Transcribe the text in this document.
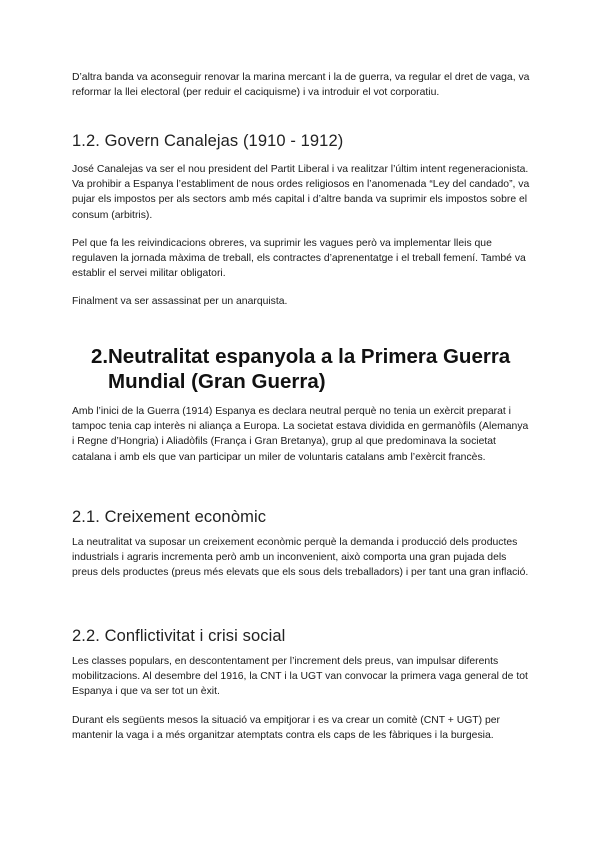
D’altra banda va aconseguir renovar la marina mercant i la de guerra, va regular el dret de vaga, va reformar la llei electoral (per reduir el caciquisme) i va introduir el vot corporatiu.

1.2. Govern Canalejas (1910 - 1912)

José Canalejas va ser el nou president del Partit Liberal i va realitzar l’últim intent regeneracionista. Va prohibir a Espanya l’establiment de nous ordes religiosos en l’anomenada “Ley del candado”, va pujar els impostos per als sectors amb més capital i d’altre banda va suprimir els impostos sobre el consum (arbitris).

Pel que fa les reivindicacions obreres, va suprimir les vagues però va implementar lleis que regulaven la jornada màxima de treball, els contractes d’aprenentatge i el treball femení. També va establir el servei militar obligatori.

Finalment va ser assassinat per un anarquista.

2.Neutralitat espanyola a la Primera Guerra
Mundial (Gran Guerra)

Amb l’inici de la Guerra (1914) Espanya es declara neutral perquè no tenia un exèrcit preparat i tampoc tenia cap interès ni aliança a Europa. La societat estava dividida en germanòfils (Alemanya i Regne d’Hongria) i Aliadòfils (França i Gran Bretanya), grup al que predominava la societat catalana i amb els que van participar un miler de voluntaris catalans amb l’exèrcit francès.

2.1. Creixement econòmic

La neutralitat va suposar un creixement econòmic perquè la demanda i producció dels productes industrials i agraris incrementa però amb un inconvenient, això comporta una gran pujada dels preus dels productes (preus més elevats que els sous dels treballadors) i per tant una gran inflació.

2.2. Conflictivitat i crisi social

Les classes populars, en descontentament per l’increment dels preus, van impulsar diferents mobilitzacions. Al desembre del 1916, la CNT i la UGT van convocar la primera vaga general de tot Espanya i que va ser tot un èxit.

Durant els següents mesos la situació va empitjorar i es va crear un comitè (CNT + UGT) per mantenir la vaga i a més organitzar atemptats contra els caps de les fàbriques i la burgesia.
